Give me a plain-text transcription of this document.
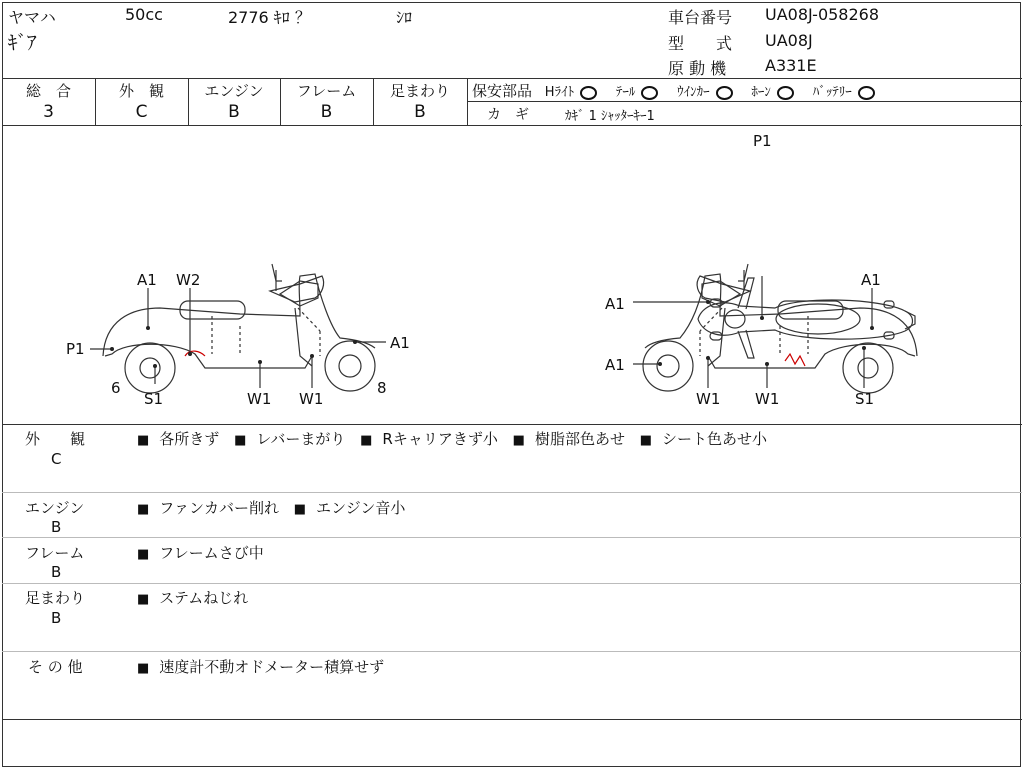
ヤマハ	50cc	2776 ｷﾛ ？	ｼﾛ
ｷﾞｱ
車台番号 UA08J-058268
型　　式 UA08J
原 動 機 A331E
総　合
3
外　観
C
エンジン
B
フレーム
B
足まわり
B
保安部品 Hﾗｲﾄ	ﾃｰﾙ	ｳｲﾝｶｰ	ﾎｰﾝ	ﾊﾞｯﾃﾘｰ
カ　ギ	ｶｷﾞ 1 ｼｬｯﾀｰｷｰ1
P1
A1 W2
P1	A1
6
S1	W1 W1
8
A1
A1
A1
W1 W1	S1
外　　観
C
■ 各所きず ■ レバーまがり ■ Rキャリアきず小 ■ 樹脂部色あせ ■ シート色あせ小
エンジン
B
■ ファンカバー削れ ■ エンジン音小
フレーム
B
■ フレームさび中
足まわり
B
■ ステムねじれ
そ の 他	■ 速度計不動オドメーター積算せず
